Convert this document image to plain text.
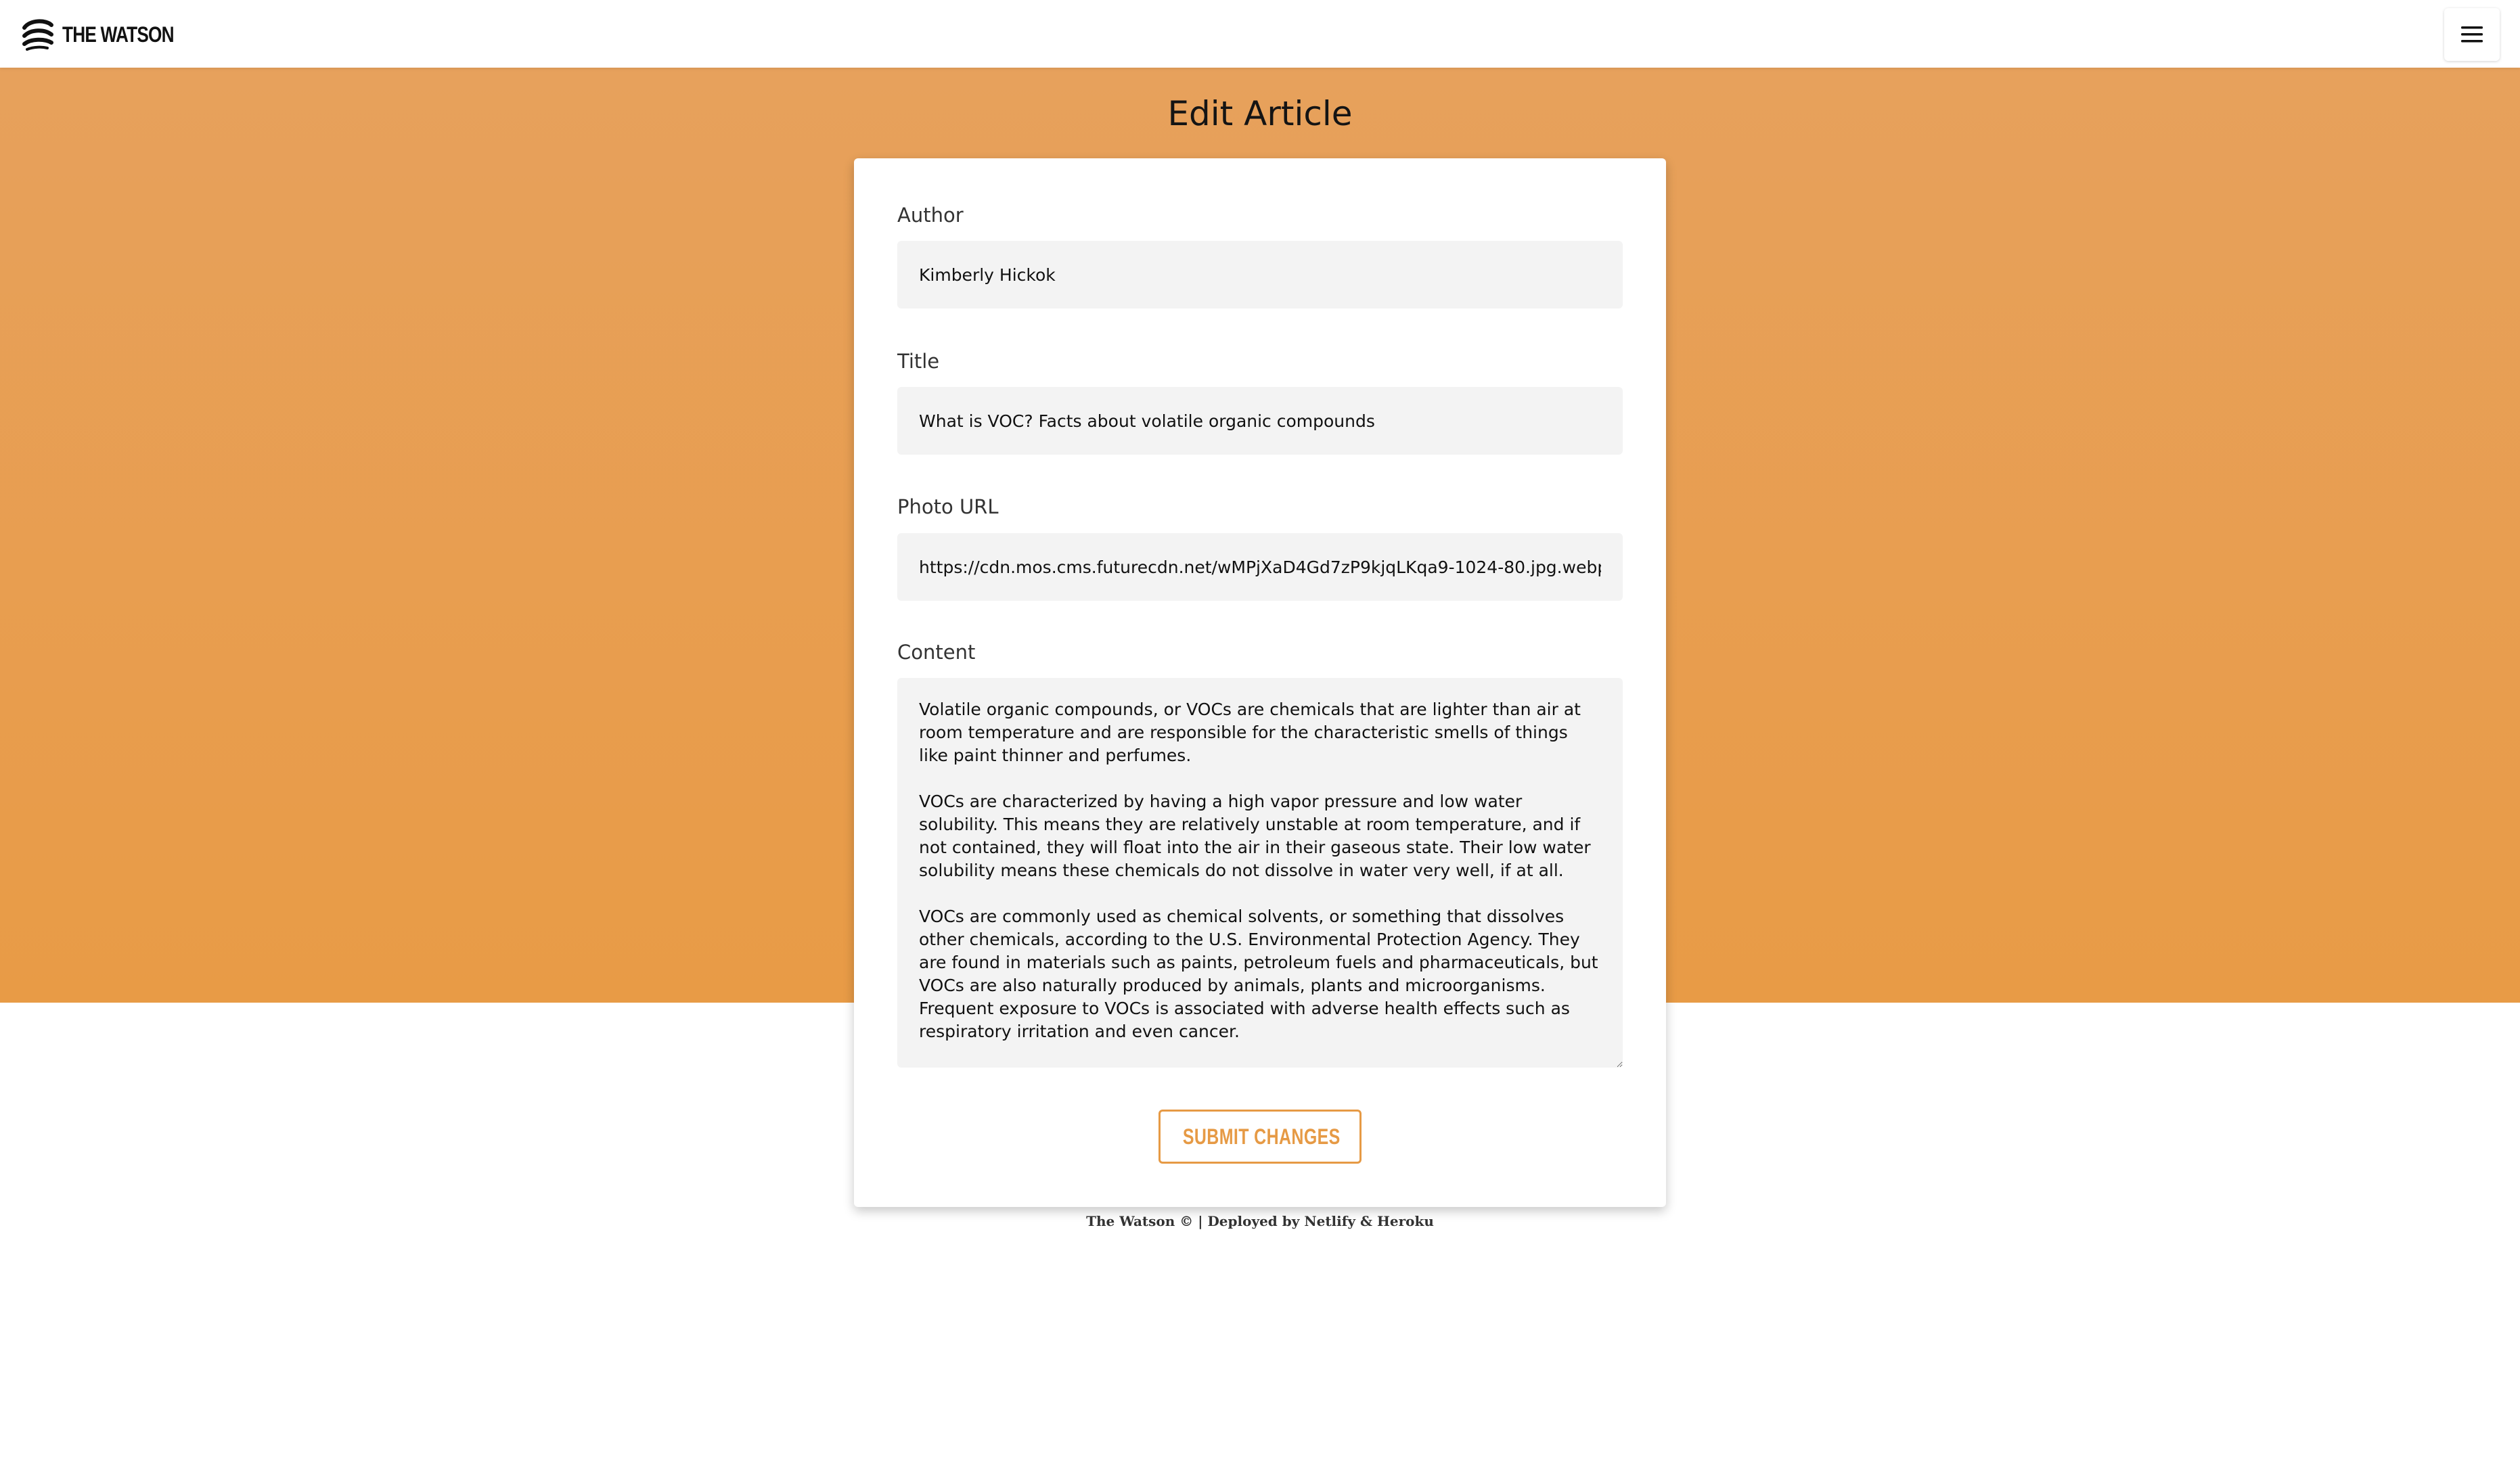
THE WATSON
Edit Article
Author
Kimberly Hickok
Title
What is VOC? Facts about volatile organic compounds
Photo URL
https://cdn.mos.cms.futurecdn.net/wMPjXaD4Gd7zP9kjqLKqa9-1024-80.jpg.webp
Content
Volatile organic compounds, or VOCs are chemicals that are lighter than air at room temperature and are responsible for the characteristic smells of things like paint thinner and perfumes. VOCs are characterized by having a high vapor pressure and low water solubility. This means they are relatively unstable at room temperature, and if not contained, they will float into the air in their gaseous state. Their low water solubility means these chemicals do not dissolve in water very well, if at all. VOCs are commonly used as chemical solvents, or something that dissolves other chemicals, according to the U.S. Environmental Protection Agency. They are found in materials such as paints, petroleum fuels and pharmaceuticals, but VOCs are also naturally produced by animals, plants and microorganisms. Frequent exposure to VOCs is associated with adverse health effects such as respiratory irritation and even cancer.
SUBMIT CHANGES
The Watson © | Deployed by Netlify & Heroku
